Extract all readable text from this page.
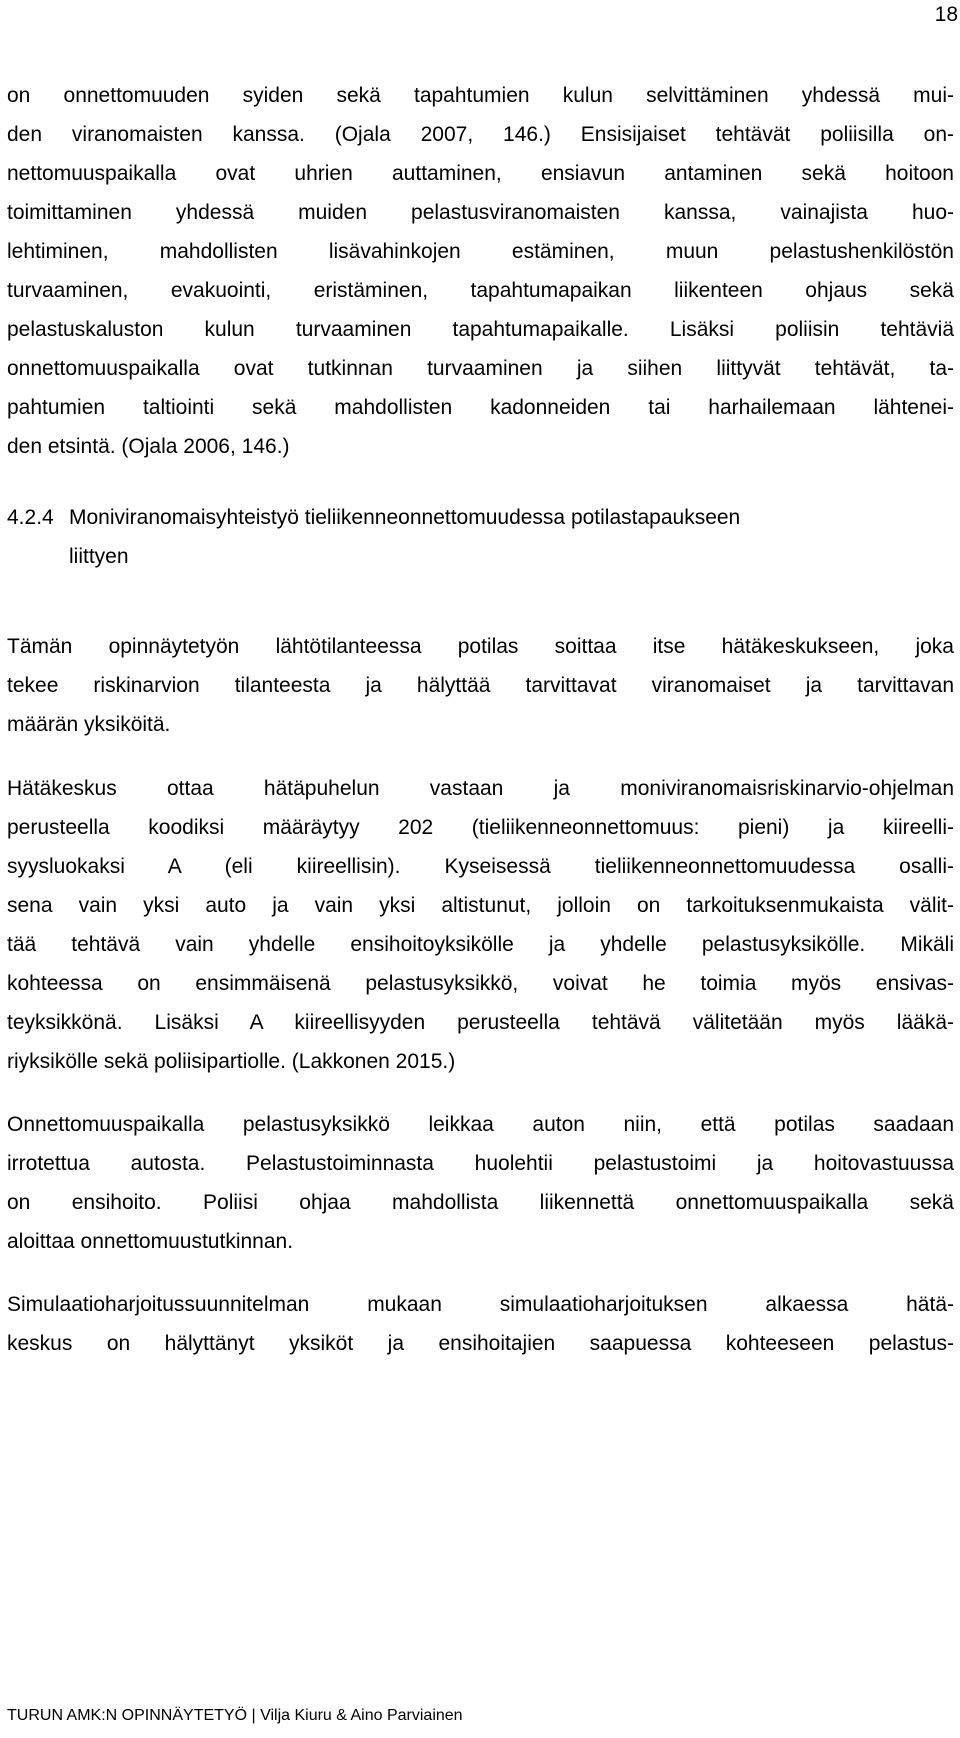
18

on onnettomuuden syiden sekä tapahtumien kulun selvittäminen yhdessä mui-
den viranomaisten kanssa. (Ojala 2007, 146.) Ensisijaiset tehtävät poliisilla on-
nettomuuspaikalla ovat uhrien auttaminen, ensiavun antaminen sekä hoitoon
toimittaminen yhdessä muiden pelastusviranomaisten kanssa, vainajista huo-
lehtiminen, mahdollisten lisävahinkojen estäminen, muun pelastushenkilöstön
turvaaminen, evakuointi, eristäminen, tapahtumapaikan liikenteen ohjaus sekä
pelastuskaluston kulun turvaaminen tapahtumapaikalle. Lisäksi poliisin tehtäviä
onnettomuuspaikalla ovat tutkinnan turvaaminen ja siihen liittyvät tehtävät, ta-
pahtumien taltiointi sekä mahdollisten kadonneiden tai harhailemaan lähtenei-
den etsintä. (Ojala 2006, 146.)

4.2.4 Moniviranomaisyhteistyö tieliikenneonnettomuudessa potilastapaukseen
liittyen

Tämän opinnäytetyön lähtötilanteessa potilas soittaa itse hätäkeskukseen, joka
tekee riskinarvion tilanteesta ja hälyttää tarvittavat viranomaiset ja tarvittavan
määrän yksiköitä.

Hätäkeskus ottaa hätäpuhelun vastaan ja moniviranomaisriskinarvio-ohjelman
perusteella koodiksi määräytyy 202 (tieliikenneonnettomuus: pieni) ja kiireelli-
syysluokaksi A (eli kiireellisin). Kyseisessä tieliikenneonnettomuudessa osalli-
sena vain yksi auto ja vain yksi altistunut, jolloin on tarkoituksenmukaista välit-
tää tehtävä vain yhdelle ensihoitoyksikölle ja yhdelle pelastusyksikölle. Mikäli
kohteessa on ensimmäisenä pelastusyksikkö, voivat he toimia myös ensivas-
teyksikkönä. Lisäksi A kiireellisyyden perusteella tehtävä välitetään myös lääkä-
riyksikölle sekä poliisipartiolle. (Lakkonen 2015.)

Onnettomuuspaikalla pelastusyksikkö leikkaa auton niin, että potilas saadaan
irrotettua autosta. Pelastustoiminnasta huolehtii pelastustoimi ja hoitovastuussa
on ensihoito. Poliisi ohjaa mahdollista liikennettä onnettomuuspaikalla sekä
aloittaa onnettomuustutkinnan.

Simulaatioharjoitussuunnitelman mukaan simulaatioharjoituksen alkaessa hätä-
keskus on hälyttänyt yksiköt ja ensihoitajien saapuessa kohteeseen pelastus-

TURUN AMK:N OPINNÄYTETYÖ | Vilja Kiuru & Aino Parviainen
